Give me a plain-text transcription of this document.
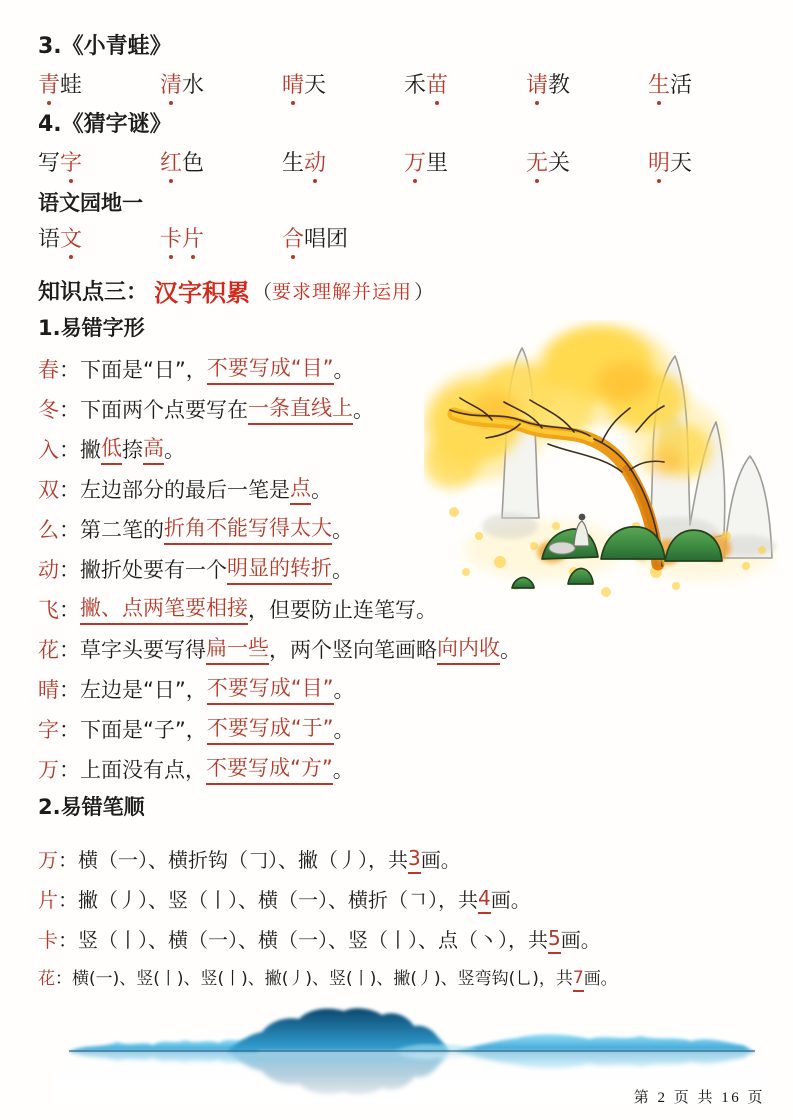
3.《小青蛙》
青蛙	清水	晴天	禾苗	请教	生活
4.《猜字谜》
写字	红色	生动	万里	无关	明天
语文园地一
语文	卡片	合唱团
知识点三： 汉字积累 （ 要求理解并运用 ）
1.易错字形
春 ：下面是“日”， 不要写成“目” 。
冬 ：下面两个点要写在 一条直线上 。
入 ：撇 低 捺 高 。
双 ：左边部分的最后一笔是 点 。
么 ：第二笔的 折角不能写得太大 。
动 ：撇折处要有一个 明显的转折 。
飞 ： 撇、点两笔要相接 ，但要防止连笔写。
花 ：草字头要写得 扁一些 ，两个竖向笔画略 向内收 。
晴 ：左边是“日”， 不要写成“目” 。
字 ：下面是“子”， 不要写成“于” 。
万 ：上面没有点， 不要写成“方” 。
2.易错笔顺
万 ：横（一）、横折钩（𠃌）、撇（丿），共 3 画。
片 ：撇（丿）、竖（丨）、横（一）、横折（𠃍），共 4 画。
卡 ：竖（丨）、横（一）、横（一）、竖（丨）、点（丶），共 5 画。
花 ：横(一)、竖(丨)、竖(丨)、撇(丿)、竖(丨)、撇(丿)、竖弯钩(乚)，共 7 画。
第 2 页 共 16 页
